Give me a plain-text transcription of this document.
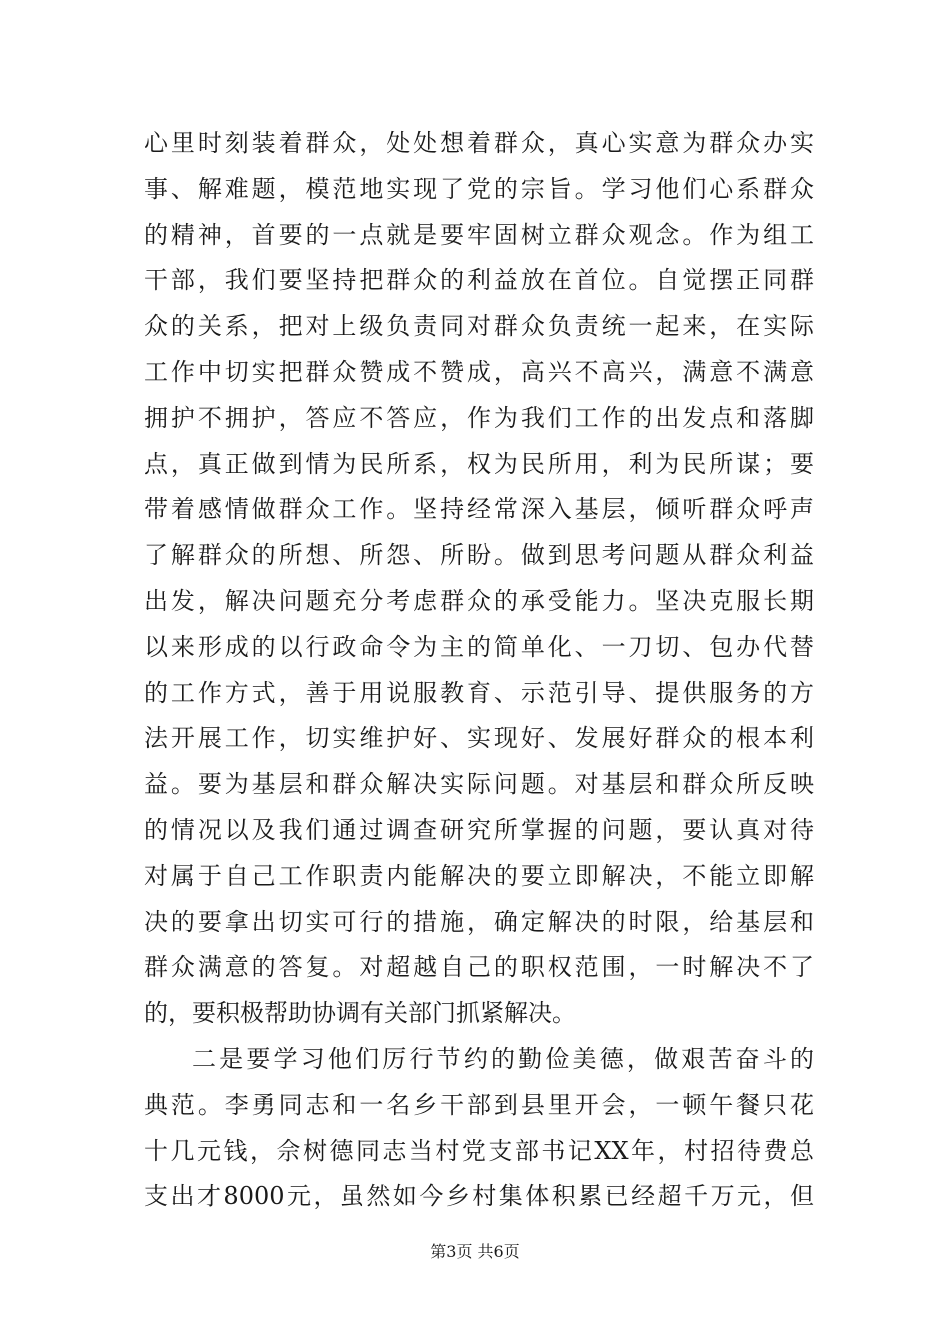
心里时刻装着群众，处处想着群众，真心实意为群众办实
事、解难题，模范地实现了党的宗旨。学习他们心系群众
的精神，首要的一点就是要牢固树立群众观念。作为组工
干部，我们要坚持把群众的利益放在首位。自觉摆正同群
众的关系，把对上级负责同对群众负责统一起来，在实际
工作中切实把群众赞成不赞成，高兴不高兴，满意不满意
拥护不拥护，答应不答应，作为我们工作的出发点和落脚
点，真正做到情为民所系，权为民所用，利为民所谋；要
带着感情做群众工作。坚持经常深入基层，倾听群众呼声
了解群众的所想、所怨、所盼。做到思考问题从群众利益
出发，解决问题充分考虑群众的承受能力。坚决克服长期
以来形成的以行政命令为主的简单化、一刀切、包办代替
的工作方式，善于用说服教育、示范引导、提供服务的方
法开展工作，切实维护好、实现好、发展好群众的根本利
益。要为基层和群众解决实际问题。对基层和群众所反映
的情况以及我们通过调查研究所掌握的问题，要认真对待
对属于自己工作职责内能解决的要立即解决，不能立即解
决的要拿出切实可行的措施，确定解决的时限，给基层和
群众满意的答复。对超越自己的职权范围，一时解决不了
的，要积极帮助协调有关部门抓紧解决。
二是要学习他们厉行节约的勤俭美德，做艰苦奋斗的
典范。李勇同志和一名乡干部到县里开会，一顿午餐只花
十几元钱，佘树德同志当村党支部书记XX年，村招待费总
支出才8000元，虽然如今乡村集体积累已经超千万元，但
第3页 共6页
